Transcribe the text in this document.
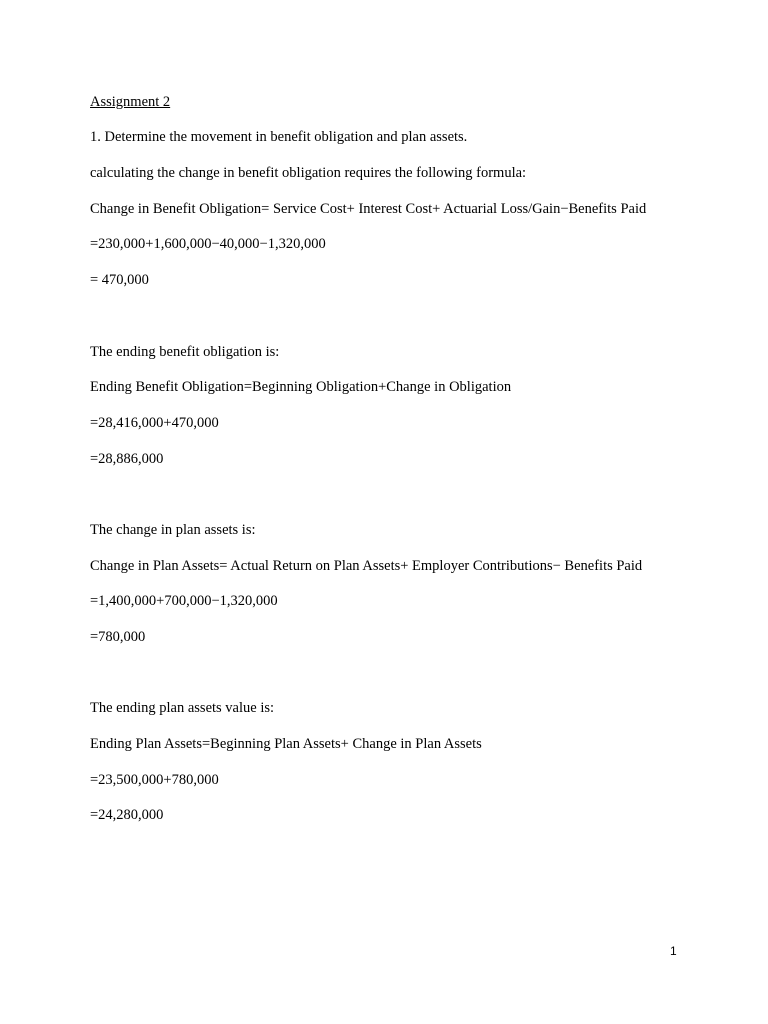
Assignment 2
1. Determine the movement in benefit obligation and plan assets.
calculating the change in benefit obligation requires the following formula:
Change in Benefit Obligation= Service Cost+ Interest Cost+ Actuarial Loss/Gain−Benefits Paid
=230,000+1,600,000−40,000−1,320,000
= 470,000
The ending benefit obligation is:
Ending Benefit Obligation=Beginning Obligation+Change in Obligation
=28,416,000+470,000
=28,886,000
The change in plan assets is:
Change in Plan Assets= Actual Return on Plan Assets+ Employer Contributions− Benefits Paid
=1,400,000+700,000−1,320,000
=780,000
The ending plan assets value is:
Ending Plan Assets=Beginning Plan Assets+ Change in Plan Assets
=23,500,000+780,000
=24,280,000
1
